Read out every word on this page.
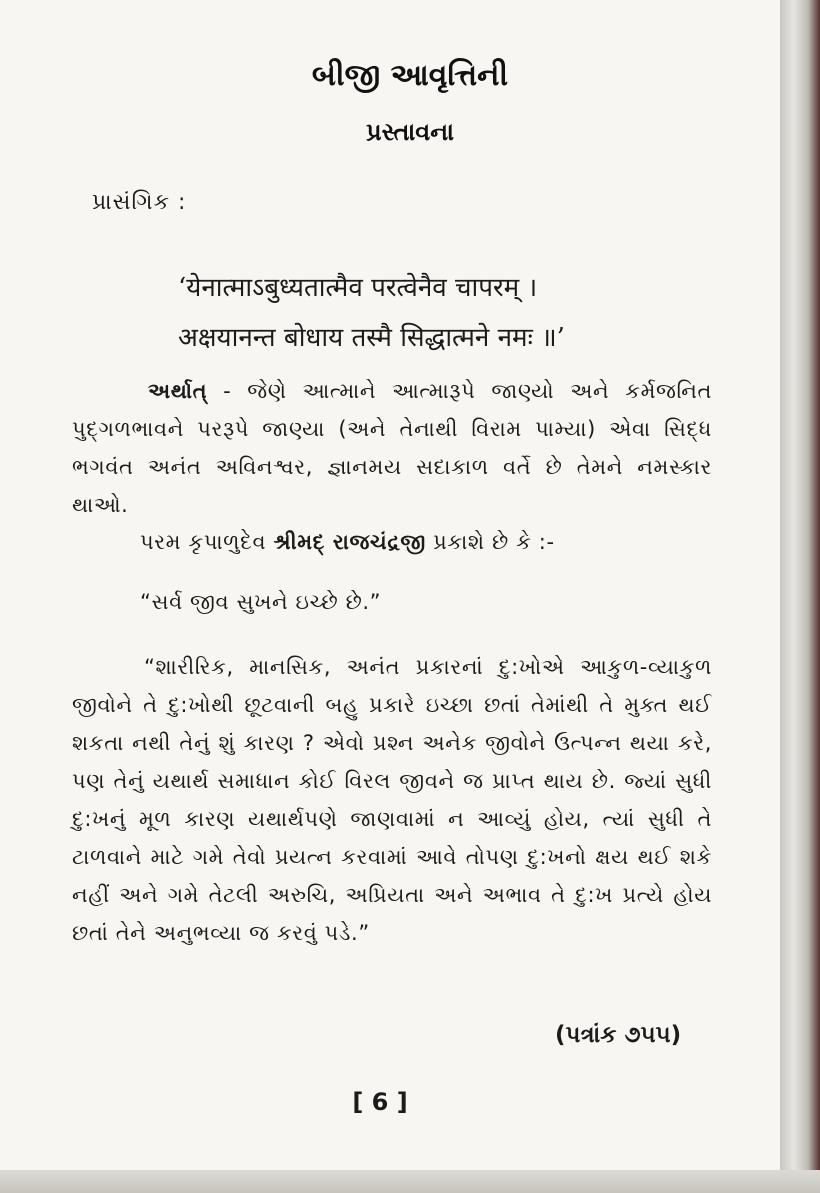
બીજી આવૃત્તિની
પ્રસ્તાવના
પ્રાસંગિક :
‘येनात्माऽबुध्यतात्मैव परत्वेनैव चापरम् ।
अक्षयानन्त बोधाय तस्मै सिद्धात्मने नमः ॥’
અર્થાત્ - જેણે આત્માને આત્મારૂપે જાણ્યો અને કર્મજનિત પુદ્ગળભાવને પરરૂપે જાણ્યા (અને તેનાથી વિરામ પામ્યા) એવા સિદ્ધ ભગવંત અનંત અવિનશ્વર, જ્ઞાનમય સદાકાળ વર્તે છે તેમને નમસ્કાર થાઓ.
પરમ કૃપાળુદેવ શ્રીમદ્ રાજચંદ્રજી પ્રકાશે છે કે :-
“સર્વ જીવ સુખને ઇચ્છે છે.”
“શારીરિક, માનસિક, અનંત પ્રકારનાં દુ:ખોએ આકુળ-વ્યાકુળ જીવોને તે દુ:ખોથી છૂટવાની બહુ પ્રકારે ઇચ્છા છતાં તેમાંથી તે મુક્ત થઈ શકતા નથી તેનું શું કારણ ? એવો પ્રશ્ન અનેક જીવોને ઉત્પન્ન થયા કરે, પણ તેનું યથાર્થ સમાધાન કોઈ વિરલ જીવને જ પ્રાપ્ત થાય છે. જ્યાં સુધી દુ:ખનું મૂળ કારણ યથાર્થપણે જાણવામાં ન આવ્યું હોય, ત્યાં સુધી તે ટાળવાને માટે ગમે તેવો પ્રયત્ન કરવામાં આવે તોપણ દુ:ખનો ક્ષય થઈ શકે નહીં અને ગમે તેટલી અરુચિ, અપ્રિયતા અને અભાવ તે દુ:ખ પ્રત્યે હોય છતાં તેને અનુભવ્યા જ કરવું પડે.”
(પત્રાંક ૭૫૫)
[ 6 ]
